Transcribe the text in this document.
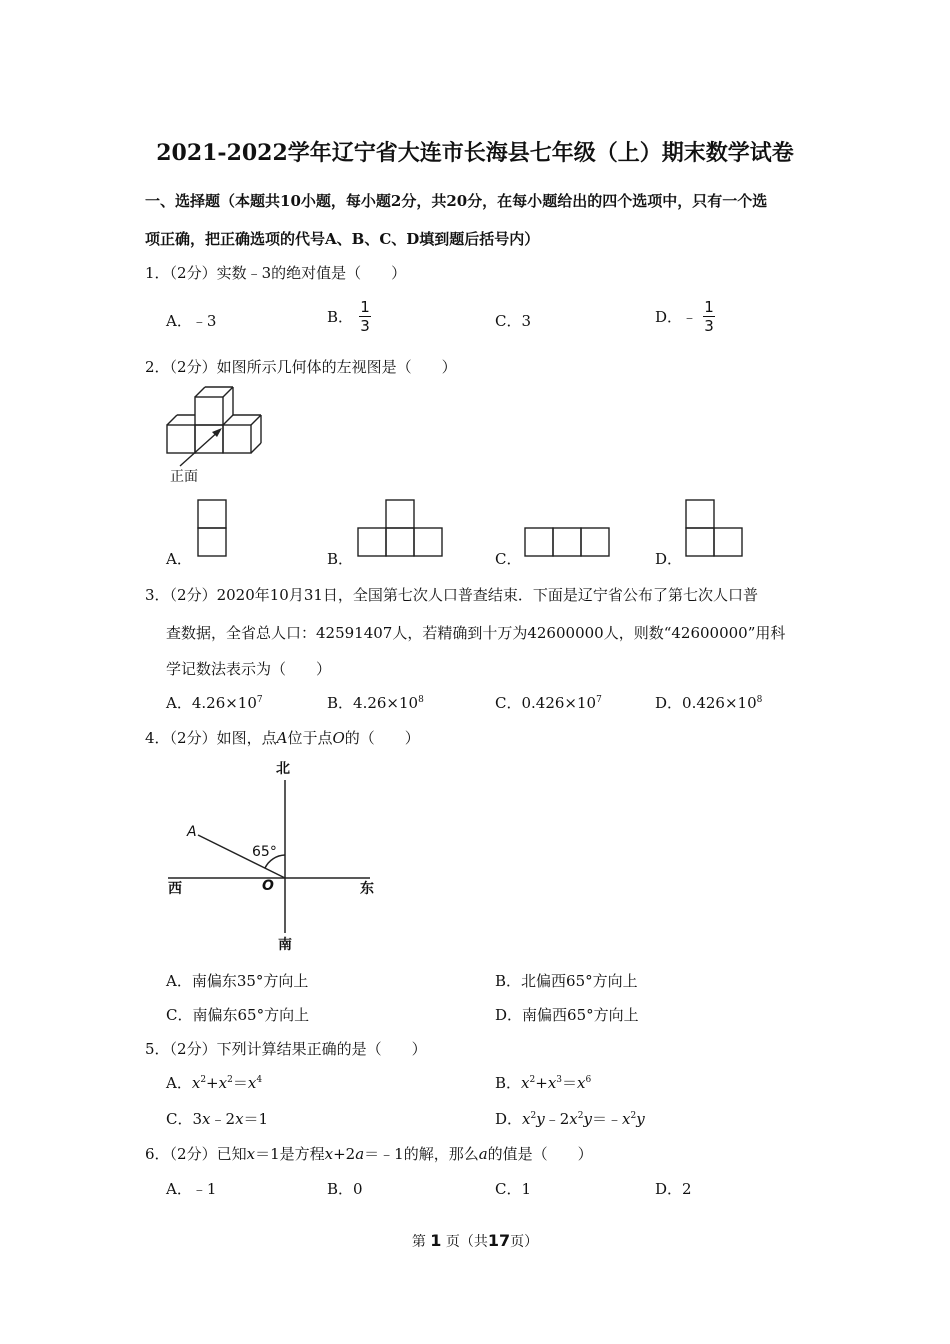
2021-2022学年辽宁省大连市长海县七年级（上）期末数学试卷
一、选择题（本题共10小题，每小题2分，共20分，在每小题给出的四个选项中，只有一个选
项正确，把正确选项的代号A、B、C、D填到题后括号内）
1．（2分）实数﹣3的绝对值是（　　）
A．﹣3	B． $\frac{1}{3}$	C．3	D．﹣ $\frac{1}{3}$
2．（2分）如图所示几何体的左视图是（　　）
正面
A．	B．	C．	D．
3．（2分）2020年10月31日，全国第七次人口普查结束．下面是辽宁省公布了第七次人口普
查数据，全省总人口：42591407人，若精确到十万为42600000人，则数“42600000”用科
学记数法表示为（　　）
A．$4.26\times 10^7$	B．$4.26\times 10^8$	C．$0.426\times 10^7$	D．$0.426\times 10^8$
4．（2分）如图，点A位于点O的（　　）
北
南
西	东
A
O
65°
A．南偏东35°方向上	B．北偏西65°方向上
C．南偏东65°方向上	D．南偏西65°方向上
5．（2分）下列计算结果正确的是（　　）
A．$x^2+x^2=x^4$	B．$x^2+x^3=x^6$
C．3x﹣2x＝1	D．$x^2y﹣2x^2y=﹣x^2y$
6．（2分）已知x＝1是方程x+2a＝﹣1的解，那么a的值是（　　）
A．﹣1	B．0	C．1	D．2
第 1 页（共17页）
